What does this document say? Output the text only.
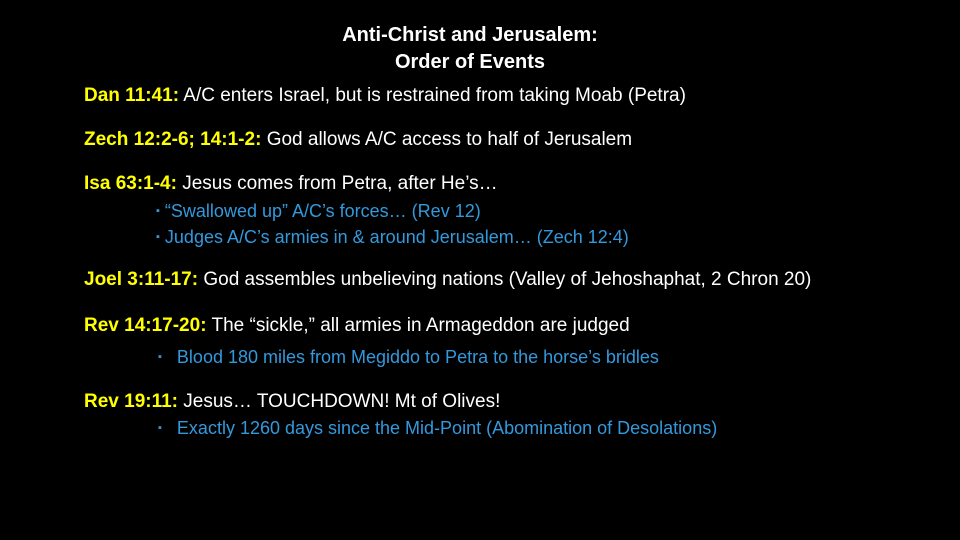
Anti-Christ and Jerusalem:
Order of Events
Dan 11:41: A/C enters Israel, but is restrained from taking Moab (Petra)
Zech 12:2-6; 14:1-2: God allows A/C access to half of Jerusalem
Isa 63:1-4: Jesus comes from Petra, after He’s…
▪ “Swallowed up” A/C’s forces… (Rev 12)
▪ Judges A/C’s armies in & around Jerusalem… (Zech 12:4)
Joel 3:11-17: God assembles unbelieving nations (Valley of Jehoshaphat, 2 Chron 20)
Rev 14:17-20: The “sickle,” all armies in Armageddon are judged
▪ Blood 180 miles from Megiddo to Petra to the horse’s bridles
Rev 19:11: Jesus… TOUCHDOWN! Mt of Olives!
▪ Exactly 1260 days since the Mid-Point (Abomination of Desolations)
